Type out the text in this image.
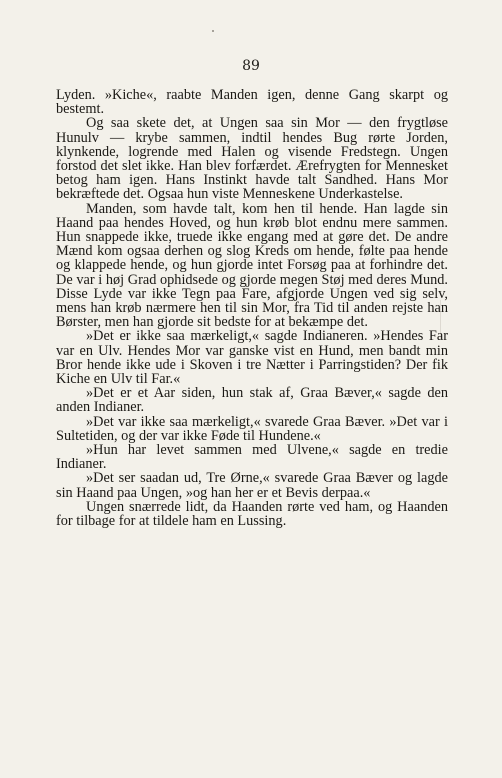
89

Lyden. »Kiche«, raabte Manden igen, denne Gang skarpt og bestemt.

Og saa skete det, at Ungen saa sin Mor — den frygtløse Hunulv — krybe sammen, indtil hendes Bug rørte Jorden, klynkende, logrende med Halen og visende Fredstegn. Ungen forstod det slet ikke. Han blev forfærdet. Ærefrygten for Mennesket betog ham igen. Hans Instinkt havde talt Sandhed. Hans Mor bekræftede det. Ogsaa hun viste Menneskene Underkastelse.

Manden, som havde talt, kom hen til hende. Han lagde sin Haand paa hendes Hoved, og hun krøb blot endnu mere sammen. Hun snappede ikke, truede ikke engang med at gøre det. De andre Mænd kom ogsaa derhen og slog Kreds om hende, følte paa hende og klappede hende, og hun gjorde intet Forsøg paa at forhindre det. De var i høj Grad ophidsede og gjorde megen Støj med deres Mund. Disse Lyde var ikke Tegn paa Fare, afgjorde Ungen ved sig selv, mens han krøb nærmere hen til sin Mor, fra Tid til anden rejste han Børster, men han gjorde sit bedste for at bekæmpe det.

»Det er ikke saa mærkeligt,« sagde Indianeren. »Hendes Far var en Ulv. Hendes Mor var ganske vist en Hund, men bandt min Bror hende ikke ude i Skoven i tre Nætter i Parringstiden? Der fik Kiche en Ulv til Far.«

»Det er et Aar siden, hun stak af, Graa Bæver,« sagde den anden Indianer.

»Det var ikke saa mærkeligt,« svarede Graa Bæver. »Det var i Sultetiden, og der var ikke Føde til Hundene.«

»Hun har levet sammen med Ulvene,« sagde en tredie Indianer.

»Det ser saadan ud, Tre Ørne,« svarede Graa Bæver og lagde sin Haand paa Ungen, »og han her er et Bevis derpaa.«

Ungen snærrede lidt, da Haanden rørte ved ham, og Haanden for tilbage for at tildele ham en Lussing.
